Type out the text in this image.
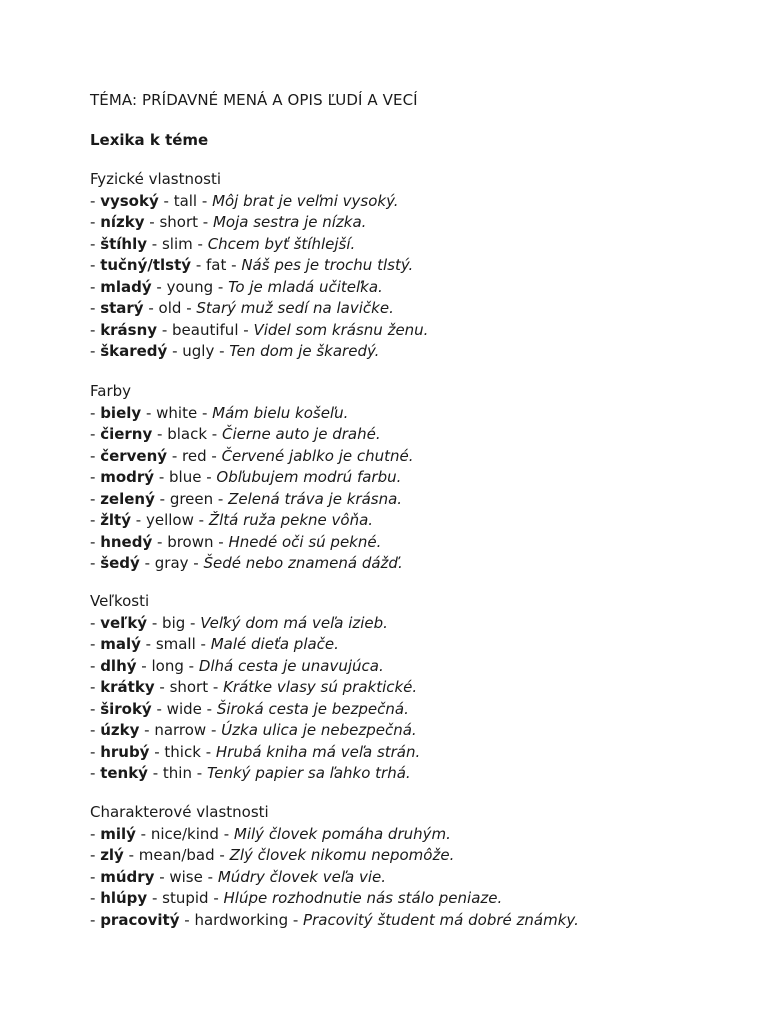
TÉMA: PRÍDAVNÉ MENÁ A OPIS ĽUDÍ A VECÍ
Lexika k téme
Fyzické vlastnosti
- vysoký - tall - Môj brat je veľmi vysoký.
- nízky - short - Moja sestra je nízka.
- štíhly - slim - Chcem byť štíhlejší.
- tučný/tlstý - fat - Náš pes je trochu tlstý.
- mladý - young - To je mladá učiteľka.
- starý - old - Starý muž sedí na lavičke.
- krásny - beautiful - Videl som krásnu ženu.
- škaredý - ugly - Ten dom je škaredý.
Farby
- biely - white - Mám bielu košeľu.
- čierny - black - Čierne auto je drahé.
- červený - red - Červené jablko je chutné.
- modrý - blue - Obľubujem modrú farbu.
- zelený - green - Zelená tráva je krásna.
- žltý - yellow - Žltá ruža pekne vôňa.
- hnedý - brown - Hnedé oči sú pekné.
- šedý - gray - Šedé nebo znamená dážď.
Veľkosti
- veľký - big - Veľký dom má veľa izieb.
- malý - small - Malé dieťa plače.
- dlhý - long - Dlhá cesta je unavujúca.
- krátky - short - Krátke vlasy sú praktické.
- široký - wide - Široká cesta je bezpečná.
- úzky - narrow - Úzka ulica je nebezpečná.
- hrubý - thick - Hrubá kniha má veľa strán.
- tenký - thin - Tenký papier sa ľahko trhá.
Charakterové vlastnosti
- milý - nice/kind - Milý človek pomáha druhým.
- zlý - mean/bad - Zlý človek nikomu nepomôže.
- múdry - wise - Múdry človek veľa vie.
- hlúpy - stupid - Hlúpe rozhodnutie nás stálo peniaze.
- pracovitý - hardworking - Pracovitý študent má dobré známky.
